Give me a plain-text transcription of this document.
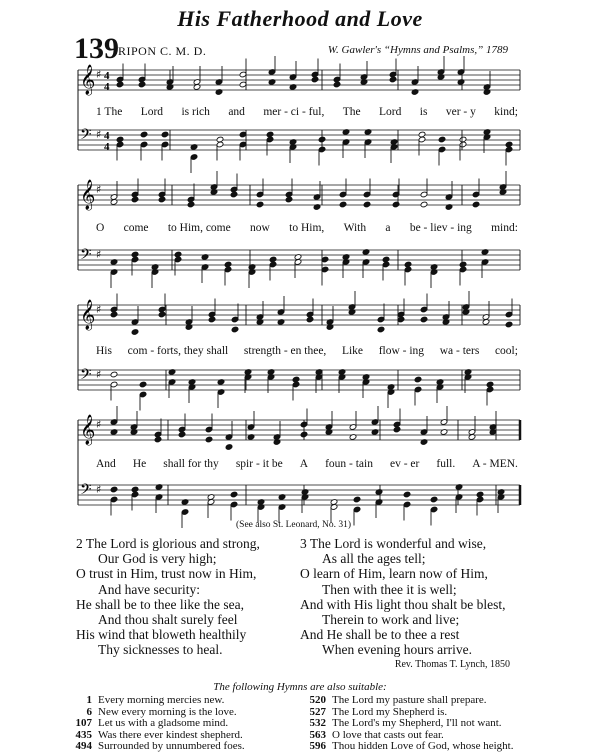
His Fatherhood and Love
139 RIPON C. M. D.	W. Gawler's “Hymns and Psalms,” 1789
𝄞 ♯ 4
4
𝄢 ♯ 4
4
𝄞 ♯
𝄢 ♯
𝄞 ♯
𝄢 ♯
𝄞 ♯
𝄢 ♯
1 The Lord is rich and mer - ci - ful, The Lord is ver - y kind;
O come to Him, come now to Him, With a be - liev - ing mind:
His com - forts, they shall strength - en thee, Like flow - ing wa - ters cool;
And He shall for thy spir - it be A foun - tain ev - er full. A - MEN.
(See also St. Leonard, No. 31)
2 The Lord is glorious and strong,
Our God is very high;
O trust in Him, trust now in Him,
And have security:
He shall be to thee like the sea,
And thou shalt surely feel
His wind that bloweth healthily
Thy sicknesses to heal.
3 The Lord is wonderful and wise,
As all the ages tell;
O learn of Him, learn now of Him,
Then with thee it is well;
And with His light thou shalt be blest,
Therein to work and live;
And He shall be to thee a rest
When evening hours arrive.
Rev. Thomas T. Lynch, 1850
The following Hymns are also suitable:
1 Every morning mercies new.
6 New every morning is the love.
107 Let us with a gladsome mind.
435 Was there ever kindest shepherd.
494 Surrounded by unnumbered foes.
520 The Lord my pasture shall prepare.
527 The Lord my Shepherd is.
532 The Lord's my Shepherd, I'll not want.
563 O love that casts out fear.
596 Thou hidden Love of God, whose height.
